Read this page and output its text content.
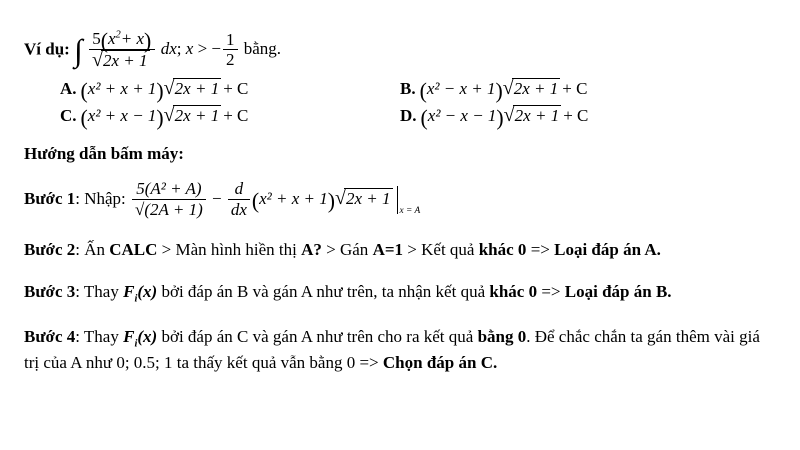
Ví dụ: ∫ $5(x^2+ x)$
√ 2x + 1 dx; x > − $\frac{1}{2}$ bằng.
A. (x² + x + 1) √ 2x + 1 + C	B. (x² − x + 1) √ 2x + 1 + C
C. (x² + x − 1) √ 2x + 1 + C	D. (x² − x − 1) √ 2x + 1 + C
Hướng dẫn bấm máy:
Bước 1: Nhập: $\frac{\text{5(A² + A)}}{√(2A + 1)} - \frac{d}{dx} (x^2 + x + 1)$ √ 2x + 1
x = A
Bước 2: Ấn CALC > Màn hình hiền thị A? > Gán A=1 > Kết quả khác 0 => Loại đáp án A.
Bước 3: Thay $F_i(x)$ bởi đáp án B và gán A như trên, ta nhận kết quả khác 0 => Loại đáp án B.
Bước 4: Thay $F_i(x)$ bởi đáp án C và gán A như trên cho ra kết quả bằng 0. Để chắc chắn ta gán thêm vài giá trị của A như 0; 0.5; 1 ta thấy kết quả vẫn bằng 0 => Chọn đáp án C.
